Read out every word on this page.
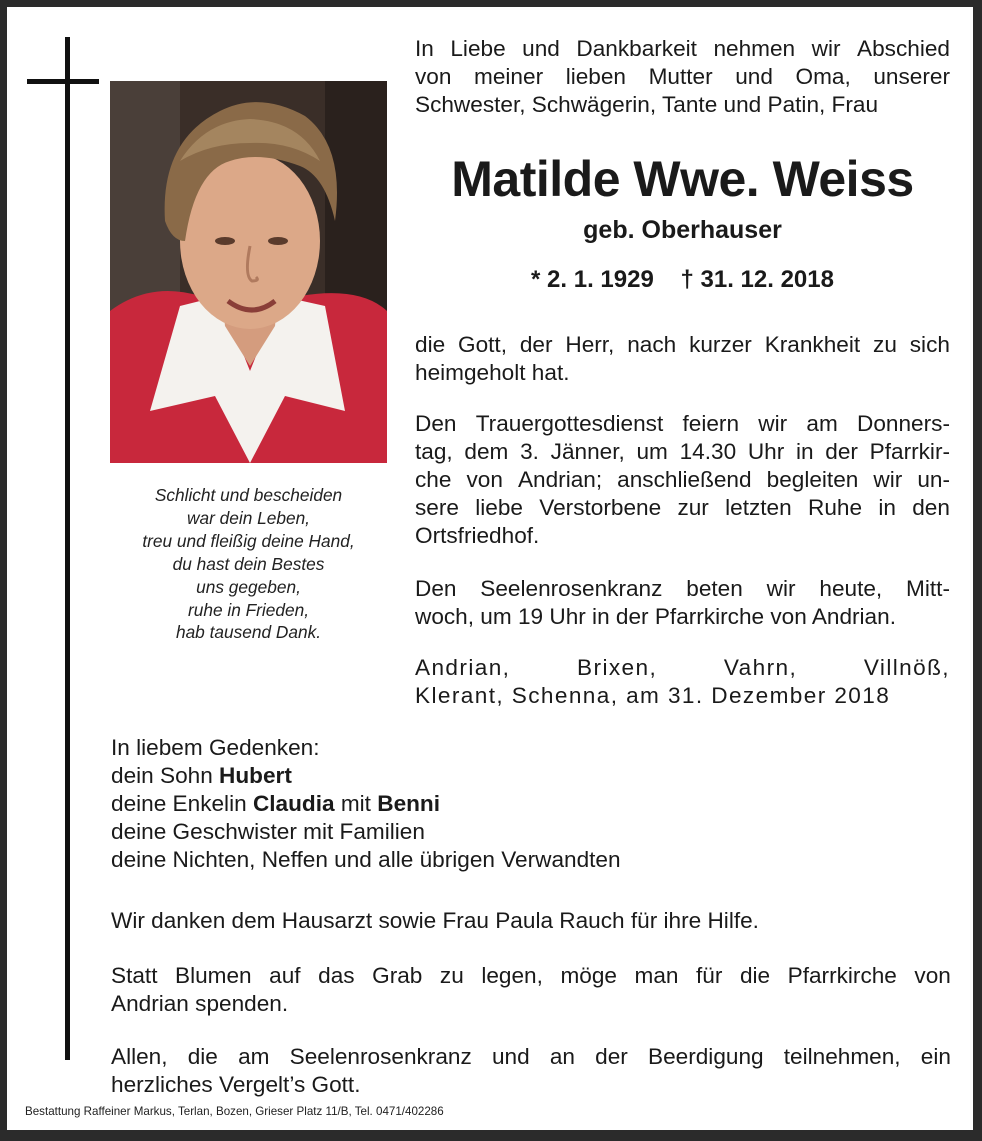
Schlicht und bescheiden
war dein Leben,
treu und fleißig deine Hand,
du hast dein Bestes
uns gegeben,
ruhe in Frieden,
hab tausend Dank.
In Liebe und Dankbarkeit nehmen wir Abschied
von meiner lieben Mutter und Oma, unserer
Schwester, Schwägerin, Tante und Patin, Frau
Matilde Wwe. Weiss
geb. Oberhauser
* 2. 1. 1929    † 31. 12. 2018
die Gott, der Herr, nach kurzer Krankheit zu sich
heimgeholt hat.
Den Trauergottesdienst feiern wir am Donners-
tag, dem 3. Jänner, um 14.30 Uhr in der Pfarrkir-
che von Andrian; anschließend begleiten wir un-
sere liebe Verstorbene zur letzten Ruhe in den
Ortsfriedhof.
Den Seelenrosenkranz beten wir heute, Mitt-
woch, um 19 Uhr in der Pfarrkirche von Andrian.
Andrian,	Brixen,	Vahrn,	Villnöß,
Klerant, Schenna, am 31. Dezember 2018
In liebem Gedenken:
dein Sohn Hubert
deine Enkelin Claudia mit Benni
deine Geschwister mit Familien
deine Nichten, Neffen und alle übrigen Verwandten
Wir danken dem Hausarzt sowie Frau Paula Rauch für ihre Hilfe.
Statt Blumen auf das Grab zu legen, möge man für die Pfarrkirche von
Andrian spenden.
Allen, die am Seelenrosenkranz und an der Beerdigung teilnehmen, ein
herzliches Vergelt’s Gott.
Bestattung Raffeiner Markus, Terlan, Bozen, Grieser Platz 11/B, Tel. 0471/402286
